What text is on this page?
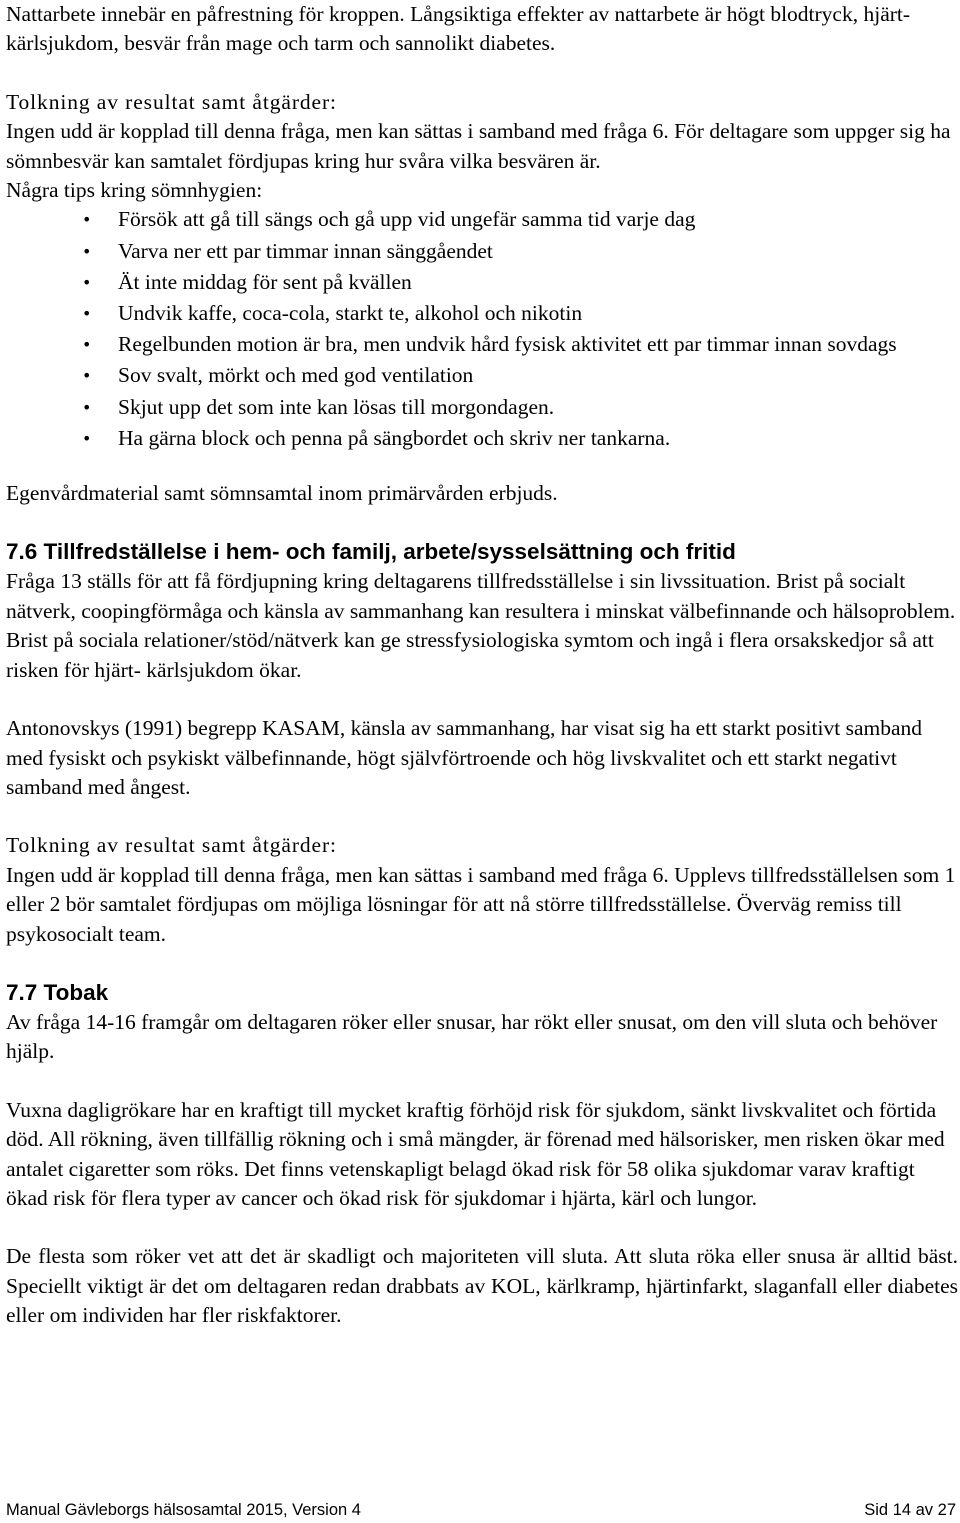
Nattarbete innebär en påfrestning för kroppen. Långsiktiga effekter av nattarbete är högt blodtryck, hjärt-kärlsjukdom, besvär från mage och tarm och sannolikt diabetes.

Tolkning av resultat samt åtgärder:

Ingen udd är kopplad till denna fråga, men kan sättas i samband med fråga 6. För deltagare som uppger sig ha sömnbesvär kan samtalet fördjupas kring hur svåra vilka besvären är.

Några tips kring sömnhygien:

• Försök att gå till sängs och gå upp vid ungefär samma tid varje dag
• Varva ner ett par timmar innan sänggåendet
• Ät inte middag för sent på kvällen
• Undvik kaffe, coca-cola, starkt te, alkohol och nikotin
• Regelbunden motion är bra, men undvik hård fysisk aktivitet ett par timmar innan sovdags
• Sov svalt, mörkt och med god ventilation
• Skjut upp det som inte kan lösas till morgondagen.
• Ha gärna block och penna på sängbordet och skriv ner tankarna.

Egenvårdmaterial samt sömnsamtal inom primärvården erbjuds.

7.6 Tillfredställelse i hem- och familj, arbete/sysselsättning och fritid

Fråga 13 ställs för att få fördjupning kring deltagarens tillfredsställelse i sin livssituation. Brist på socialt nätverk, coopingförmåga och känsla av sammanhang kan resultera i minskat välbefinnande och hälsoproblem. Brist på sociala relationer/stöd/nätverk kan ge stressfysiologiska symtom och ingå i flera orsakskedjor så att risken för hjärt- kärlsjukdom ökar.

Antonovskys (1991) begrepp KASAM, känsla av sammanhang, har visat sig ha ett starkt positivt samband med fysiskt och psykiskt välbefinnande, högt självförtroende och hög livskvalitet och ett starkt negativt samband med ångest.

Tolkning av resultat samt åtgärder:

Ingen udd är kopplad till denna fråga, men kan sättas i samband med fråga 6. Upplevs tillfredsställelsen som 1 eller 2 bör samtalet fördjupas om möjliga lösningar för att nå större tillfredsställelse. Överväg remiss till psykosocialt team.

7.7 Tobak

Av fråga 14-16 framgår om deltagaren röker eller snusar, har rökt eller snusat, om den vill sluta och behöver hjälp.

Vuxna dagligrökare har en kraftigt till mycket kraftig förhöjd risk för sjukdom, sänkt livskvalitet och förtida död. All rökning, även tillfällig rökning och i små mängder, är förenad med hälsorisker, men risken ökar med antalet cigaretter som röks. Det finns vetenskapligt belagd ökad risk för 58 olika sjukdomar varav kraftigt ökad risk för flera typer av cancer och ökad risk för sjukdomar i hjärta, kärl och lungor.

De flesta som röker vet att det är skadligt och majoriteten vill sluta. Att sluta röka eller snusa är alltid bäst. Speciellt viktigt är det om deltagaren redan drabbats av KOL, kärlkramp, hjärtinfarkt, slaganfall eller diabetes eller om individen har fler riskfaktorer.

Manual Gävleborgs hälsosamtal 2015, Version 4	Sid 14 av 27
